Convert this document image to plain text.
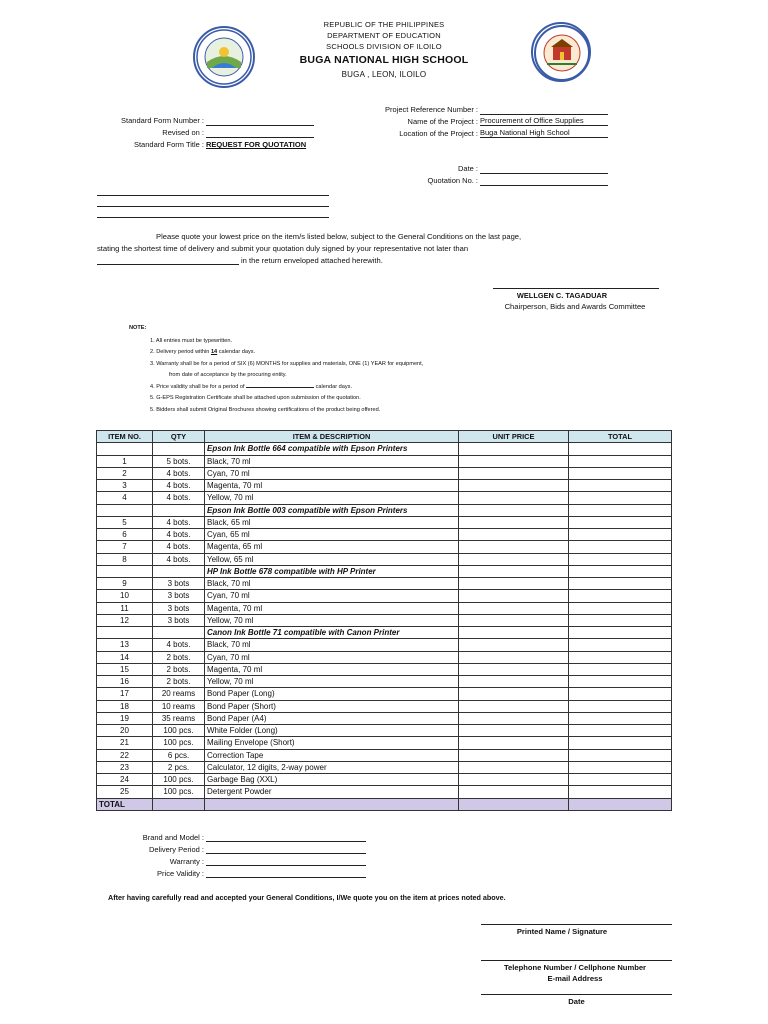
REPUBLIC OF THE PHILIPPINES
DEPARTMENT OF EDUCATION
SCHOOLS DIVISION OF ILOILO
BUGA NATIONAL HIGH SCHOOL
BUGA , LEON, ILOILO
Standard Form Number :
Revised on :
Standard Form Title : REQUEST FOR QUOTATION
Project Reference Number :
Name of the Project : Procurement of Office Supplies
Location of the Project : Buga National High School
Date :
Quotation No. :
Please quote your lowest price on the item/s listed below, subject to the General Conditions on the last page,
stating the shortest time of delivery and submit your quotation duly signed by your representative not later than
in the return enveloped attached herewith.
WELLGEN C. TAGADUAR
Chairperson, Bids and Awards Committee
NOTE:
1. All entries must be typewritten.
2. Delivery period within 14 calendar days.
3. Warranty shall be for a period of SIX (6) MONTHS for supplies and materials, ONE (1) YEAR for equipment,
from date of acceptance by the procuring entity.
4. Price validity shall be for a period of	calendar days.
5. G-EPS Registration Certificate shall be attached upon submission of the quotation.
5. Bidders shall submit Original Brochures showing certifications of the product being offered.
ITEM NO.	QTY	ITEM & DESCRIPTION	UNIT PRICE	TOTAL
		Epson Ink Bottle 664 compatible with Epson Printers		
1	5 bots.	Black, 70 ml		
2	4 bots.	Cyan, 70 ml		
3	4 bots.	Magenta, 70 ml		
4	4 bots.	Yellow, 70 ml		
		Epson Ink Bottle 003 compatible with Epson Printers		
5	4 bots.	Black, 65 ml		
6	4 bots.	Cyan, 65 ml		
7	4 bots.	Magenta, 65 ml		
8	4 bots.	Yellow, 65 ml		
		HP Ink Bottle 678 compatible with HP Printer		
9	3 bots	Black, 70 ml		
10	3 bots	Cyan, 70 ml		
11	3 bots	Magenta, 70 ml		
12	3 bots	Yellow, 70 ml		
		Canon Ink Bottle 71 compatible with Canon Printer		
13	4 bots.	Black, 70 ml		
14	2 bots.	Cyan, 70 ml		
15	2 bots.	Magenta, 70 ml		
16	2 bots.	Yellow, 70 ml		
17	20 reams	Bond Paper (Long)		
18	10 reams	Bond Paper (Short)		
19	35 reams	Bond Paper (A4)		
20	100 pcs.	White Folder (Long)		
21	100 pcs.	Mailing Envelope (Short)		
22	6 pcs.	Correction Tape		
23	2 pcs.	Calculator, 12 digits, 2-way power		
24	100 pcs.	Garbage Bag (XXL)		
25	100 pcs.	Detergent Powder		
TOTAL				
Brand and Model :
Delivery Period :
Warranty :
Price Validity :
After having carefully read and accepted your General Conditions, I/We quote you on the item at prices noted above.
Printed Name / Signature
Telephone Number / Cellphone Number
E-mail Address
Date
